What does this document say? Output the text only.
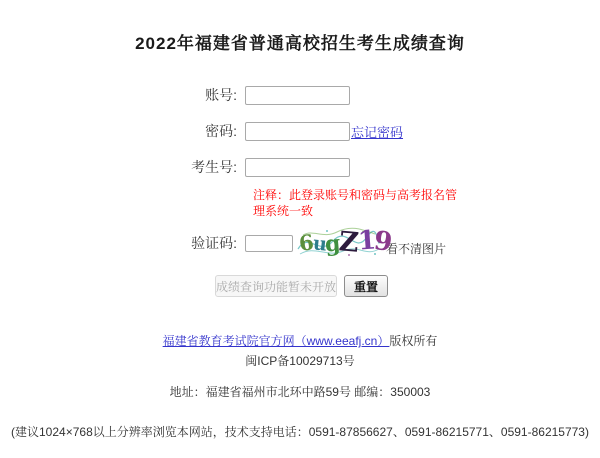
2022年福建省普通高校招生考生成绩查询
账号:
密码:	忘记密码
考生号:
注释：此登录账号和密码与高考报名管理系统一致
验证码:	6
u
g
Z
1
9
看不清图片
成绩查询功能暂未开放	重置
福建省教育考试院官方网（www.eeafj.cn）版权所有
闽ICP备10029713号
地址：福建省福州市北环中路59号 邮编：350003
(建议1024×768以上分辨率浏览本网站，技术支持电话：0591-87856627、0591-86215771、0591-86215773)
